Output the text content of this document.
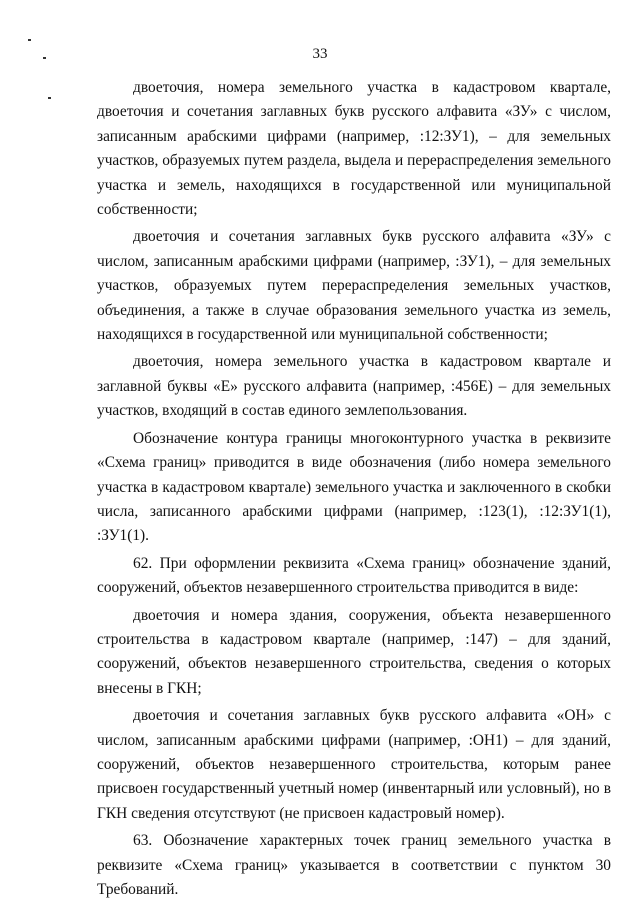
33

двоеточия, номера земельного участка в кадастровом квартале, двоеточия и сочетания заглавных букв русского алфавита «ЗУ» с числом, записанным арабскими цифрами (например, :12:ЗУ1), – для земельных участков, образуемых путем раздела, выдела и перераспределения земельного участка и земель, находящихся в государственной или муниципальной собственности;

двоеточия и сочетания заглавных букв русского алфавита «ЗУ» с числом, записанным арабскими цифрами (например, :ЗУ1), – для земельных участков, образуемых путем перераспределения земельных участков, объединения, а также в случае образования земельного участка из земель, находящихся в государственной или муниципальной собственности;

двоеточия, номера земельного участка в кадастровом квартале и заглавной буквы «Е» русского алфавита (например, :456Е) – для земельных участков, входящий в состав единого землепользования.

Обозначение контура границы многоконтурного участка в реквизите «Схема границ» приводится в виде обозначения (либо номера земельного участка в кадастровом квартале) земельного участка и заключенного в скобки числа, записанного арабскими цифрами (например, :123(1), :12:ЗУ1(1), :ЗУ1(1).

62. При оформлении реквизита «Схема границ» обозначение зданий, сооружений, объектов незавершенного строительства приводится в виде:

двоеточия и номера здания, сооружения, объекта незавершенного строительства в кадастровом квартале (например, :147) – для зданий, сооружений, объектов незавершенного строительства, сведения о которых внесены в ГКН;

двоеточия и сочетания заглавных букв русского алфавита «ОН» с числом, записанным арабскими цифрами (например, :ОН1) – для зданий, сооружений, объектов незавершенного строительства, которым ранее присвоен государственный учетный номер (инвентарный или условный), но в ГКН сведения отсутствуют (не присвоен кадастровый номер).

63. Обозначение характерных точек границ земельного участка в реквизите «Схема границ» указывается в соответствии с пунктом 30 Требований.
